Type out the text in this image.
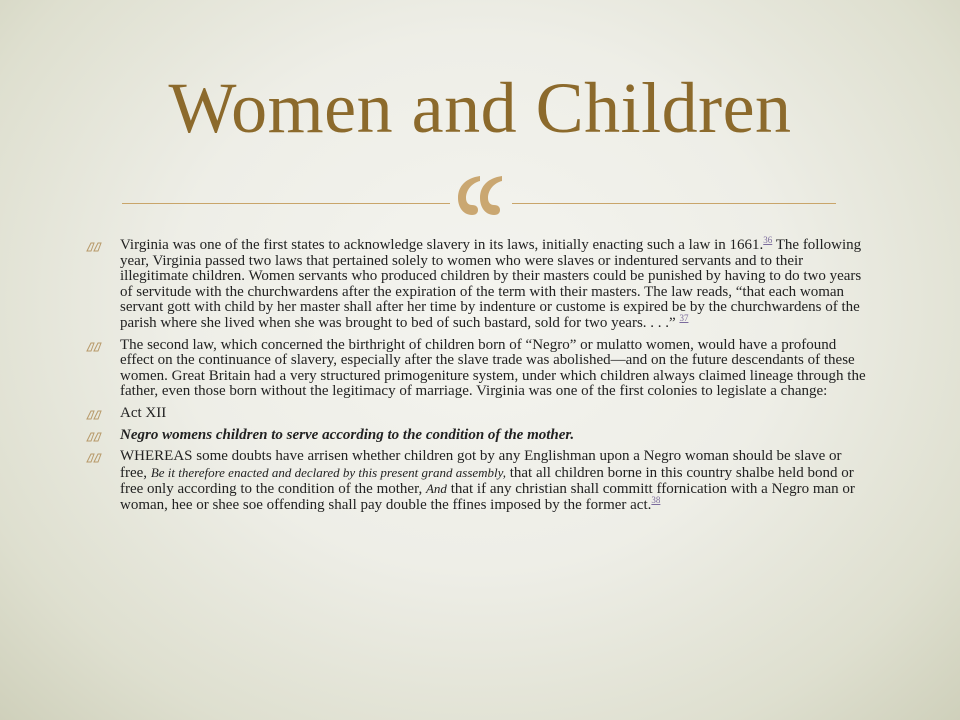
Women and Children
Virginia was one of the first states to acknowledge slavery in its laws, initially enacting such a law in 1661.36 The following year, Virginia passed two laws that pertained solely to women who were slaves or indentured servants and to their illegitimate children. Women servants who produced children by their masters could be punished by having to do two years of servitude with the churchwardens after the expiration of the term with their masters. The law reads, “that each woman servant gott with child by her master shall after her time by indenture or custome is expired be by the churchwardens of the parish where she lived when she was brought to bed of such bastard, sold for two years. . . .” $^{37}$
The second law, which concerned the birthright of children born of “Negro” or mulatto women, would have a profound effect on the continuance of slavery, especially after the slave trade was abolished—and on the future descendants of these women. Great Britain had a very structured primogeniture system, under which children always claimed lineage through the father, even those born without the legitimacy of marriage. Virginia was one of the first colonies to legislate a change:
Act XII
Negro womens children to serve according to the condition of the mother.
WHEREAS some doubts have arrisen whether children got by any Englishman upon a Negro woman should be slave or free, Be it therefore enacted and declared by this present grand assembly, that all children borne in this country shalbe held bond or free only according to the condition of the mother, And that if any christian shall committ ffornication with a Negro man or woman, hee or shee soe offending shall pay double the ffines imposed by the former act.$^{38}$
